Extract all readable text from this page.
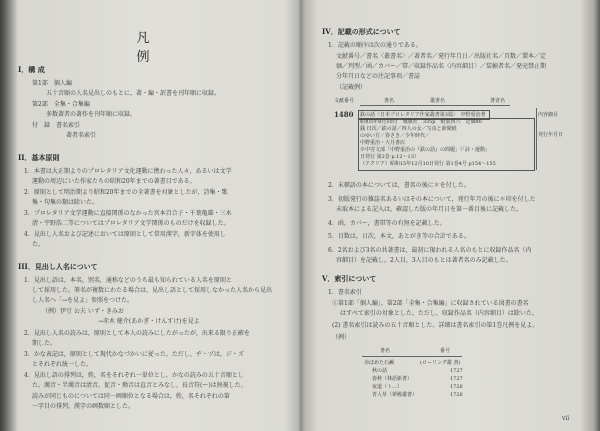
凡 例
I．構 成
第1部　個人編
五十音順の人名見出しのもとに，著・編・訳書を刊年順に収録。
第2部　全集・合集編
多数著者の著作を刊年順に収録。
付　録　書名索引
著者名索引
II．基本原則
1．本書は大正期よりのプロレタリア文化運動に携わった人々，あるいは文学
運動の周辺にいた作家たちの昭和20年までの著書目である。
2．原則として明治期より昭和20年までの全著書を対象としたが，詩集・歌
集・句集の類は除いた。
3．プロレタリア文学運動に直接関係のなかった宮本百合子・千葉亀雄・三木
清・宇野浩二等についてはプロレタリア文学関係のものだけを収録した。
4．見出し人名および記述においては原則として常用漢字，新字体を使用し
た。
III．見出し人名について
1．見出し語は，本名，別名，通称などのうち最も知られている人名を原則と
して採用した。筆名が複数にわたる場合は，見出し語として採用しなかった人名から見出
し人名へ「→を見よ」参照をつけた。
（例）伊豆 公夫 いず・きみお
→赤木 健介(あかぎ・けんすけ)を見よ
2．見出し人名の読みは，原則として本人の読みにしたがったが，出来る限り正確を
期した。
3．かな表記は，原則として現代かなづかいに従った。ただし，ヂ・ヅは，ジ・ズ
とそれぞれ統一した。
4．見出し語の排列は，姓，名をそれぞれ一単位とし，かなの読みの五十音順とし
た。濁音・半濁音は清音，促音・拗音は直音とみなし，長音符(ー)は無視した。
読みが同じものについては同一画順位となる場合は，姓，名それぞれの第
一字目の排列，漢字の画数順とした。
IV．記載の形式について
1．記載の順序は次の通りである。
文献番号／書名〈叢書名〉／著者名／発行年月日／出版社名／頁数／製本／定
価／判型／函／カバー／帯／収録作品名〈内容細目〉／装幀者名／発売禁止期
分年月日などの注記事項／書誌
（記載例）
文献番号	書名	叢書名	著者名
1480 鉄の話〈日本プロレタリア作家叢書第3篇〉　中野重治著
昭和5年8月10日　戦旗社　335p　紙装四六　定価80
銭 日次／鉄の話／四人の女／写真と新聞紙
のゆい方／春さき／少年時代／
中野重治・大月書店
※中労文部「中野重治の『鉄の話』の問題」（「詩・運動」
日発行 第2巻 p.12〜13）
（アクリア）昭和15年12月10日発行 第1巻4号 p154〜155
内容細目
発行年月日
2．末頓語の本については，書名の後に＊を付した。
3．初版発行の雑誌名あるいはその本について，発行年月の後に＊印を付した
未取本による記入は，確認した版の年月日を第一番目後に記載した。
4．函，カバー，書帯等の有無を記載した。
5．目数は，日次，本文，あとがき等の合計である。
6．2名および3名の共著書は，最初に現われる人名のもとに収録作品名（内
容細目）を記載し，2人目，3人目のもとは著者名のみ記載した。
V．索引について
1．書名索引
①第1部「個人編」，第2部「全集・合集編」に収録されている図書の書名
はすべて索引の対象とした。ただし，収録作品名（内容細目）は除いた。
(2) 書名索引は読みの五十音順とした。詳細は書名索引の第1巻凡例を見よ。
（例）
書名	番号
赤ばめた石鹸	(ローリング叢 書)
秋の話	1727
春秋（林語新書）	1727
夜道（ト…）	1728
青人草（夢殿叢書）	1728
vii
